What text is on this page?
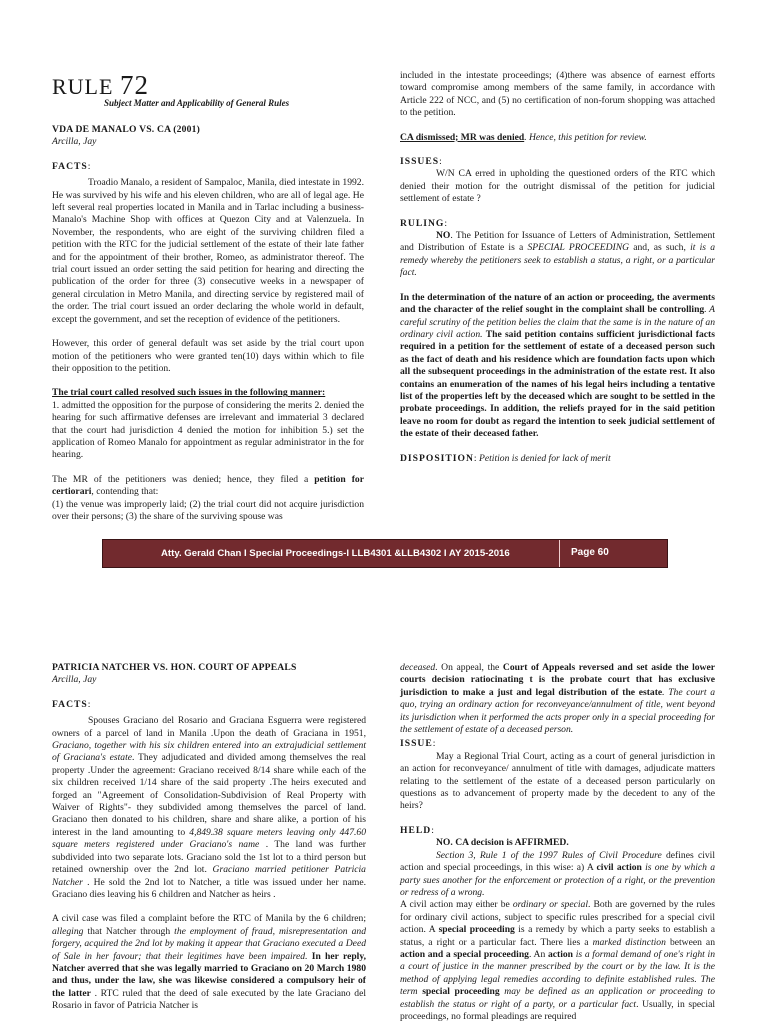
RULE 72
Subject Matter and Applicability of General Rules
VDA DE MANALO VS. CA (2001)
Arcilla, Jay
FACTS:

Troadio Manalo, a resident of Sampaloc, Manila, died intestate in 1992. He was survived by his wife and his eleven children, who are all of legal age. He left several real properties located in Manila and in Tarlac including a business- Manalo's Machine Shop with offices at Quezon City and at Valenzuela. In November, the respondents, who are eight of the surviving children filed a petition with the RTC for the judicial settlement of the estate of their late father and for the appointment of their brother, Romeo, as administrator thereof. The trial court issued an order setting the said petition for hearing and directing the publication of the order for three (3) consecutive weeks in a newspaper of general circulation in Metro Manila, and directing service by registered mail of the order. The trial court issued an order declaring the whole world in default, except the government, and set the reception of evidence of the petitioners.

However, this order of general default was set aside by the trial court upon motion of the petitioners who were granted ten(10) days within which to file their opposition to the petition.

The trial court called resolved such issues in the following manner:

1. admitted the opposition for the purpose of considering the merits 2. denied the hearing for such affirmative defenses are irrelevant and immaterial 3 declared that the court had jurisdiction 4 denied the motion for inhibition 5.) set the application of Romeo Manalo for appointment as regular administrator in the for hearing.

The MR of the petitioners was denied; hence, they filed a petition for certiorari, contending that:
(1) the venue was improperly laid; (2) the trial court did not acquire jurisdiction over their persons; (3) the share of the surviving spouse was

included in the intestate proceedings; (4)there was absence of earnest efforts toward compromise among members of the same family, in accordance with Article 222 of NCC, and (5) no certification of non-forum shopping was attached to the petition.

CA dismissed; MR was denied. Hence, this petition for review.

ISSUES:

W/N CA erred in upholding the questioned orders of the RTC which denied their motion for the outright dismissal of the petition for judicial settlement of estate ?

RULING:

NO. The Petition for Issuance of Letters of Administration, Settlement and Distribution of Estate is a SPECIAL PROCEEDING and, as such, it is a remedy whereby the petitioners seek to establish a status, a right, or a particular fact.

In the determination of the nature of an action or proceeding, the averments and the character of the relief sought in the complaint shall be controlling. A careful scrutiny of the petition belies the claim that the same is in the nature of an ordinary civil action. The said petition contains sufficient jurisdictional facts required in a petition for the settlement of estate of a deceased person such as the fact of death and his residence which are foundation facts upon which all the subsequent proceedings in the administration of the estate rest. It also contains an enumeration of the names of his legal heirs including a tentative list of the properties left by the deceased which are sought to be settled in the probate proceedings. In addition, the reliefs prayed for in the said petition leave no room for doubt as regard the intention to seek judicial settlement of the estate of their deceased father.

DISPOSITION: Petition is denied for lack of merit

Atty. Gerald Chan I Special Proceedings-I LLB4301 &LLB4302 I AY 2015-2016	Page 60
PATRICIA NATCHER VS. HON. COURT OF APPEALS
Arcilla, Jay
FACTS:

Spouses Graciano del Rosario and Graciana Esguerra were registered owners of a parcel of land in Manila .Upon the death of Graciana in 1951, Graciano, together with his six children entered into an extrajudicial settlement of Graciana's estate. They adjudicated and divided among themselves the real property .Under the agreement: Graciano received 8/14 share while each of the six children received 1/14 share of the said property .The heirs executed and forged an "Agreement of Consolidation-Subdivision of Real Property with Waiver of Rights"- they subdivided among themselves the parcel of land. Graciano then donated to his children, share and share alike, a portion of his interest in the land amounting to 4,849.38 square meters leaving only 447.60 square meters registered under Graciano's name . The land was further subdivided into two separate lots. Graciano sold the 1st lot to a third person but retained ownership over the 2nd lot. Graciano married petitioner Patricia Natcher . He sold the 2nd lot to Natcher, a title was issued under her name. Graciano dies leaving his 6 children and Natcher as heirs .

A civil case was filed a complaint before the RTC of Manila by the 6 children; alleging that Natcher through the employment of fraud, misrepresentation and forgery, acquired the 2nd lot by making it appear that Graciano executed a Deed of Sale in her favour; that their legitimes have been impaired. In her reply, Natcher averred that she was legally married to Graciano on 20 March 1980 and thus, under the law, she was likewise considered a compulsory heir of the latter . RTC ruled that the deed of sale executed by the late Graciano del Rosario in favor of Patricia Natcher is
deceased. On appeal, the Court of Appeals reversed and set aside the lower courts decision ratiocinating t is the probate court that has exclusive jurisdiction to make a just and legal distribution of the estate. The court a quo, trying an ordinary action for reconveyance/annulment of title, went beyond its jurisdiction when it performed the acts proper only in a special proceeding for the settlement of estate of a deceased person.
ISSUE:

May a Regional Trial Court, acting as a court of general jurisdiction in an action for reconveyance/ annulment of title with damages, adjudicate matters relating to the settlement of the estate of a deceased person particularly on questions as to advancement of property made by the decedent to any of the heirs?

HELD:
NO. CA decision is AFFIRMED.
Section 3, Rule 1 of the 1997 Rules of Civil Procedure defines civil action and special proceedings, in this wise: a) A civil action is one by which a party sues another for the enforcement or protection of a right, or the prevention or redress of a wrong.
A civil action may either be ordinary or special. Both are governed by the rules for ordinary civil actions, subject to specific rules prescribed for a special civil action. A special proceeding is a remedy by which a party seeks to establish a status, a right or a particular fact. There lies a marked distinction between an action and a special proceeding. An action is a formal demand of one's right in a court of justice in the manner prescribed by the court or by the law. It is the method of applying legal remedies according to definite established rules. The term special proceeding may be defined as an application or proceeding to establish the status or right of a party, or a particular fact. Usually, in special proceedings, no formal pleadings are required
